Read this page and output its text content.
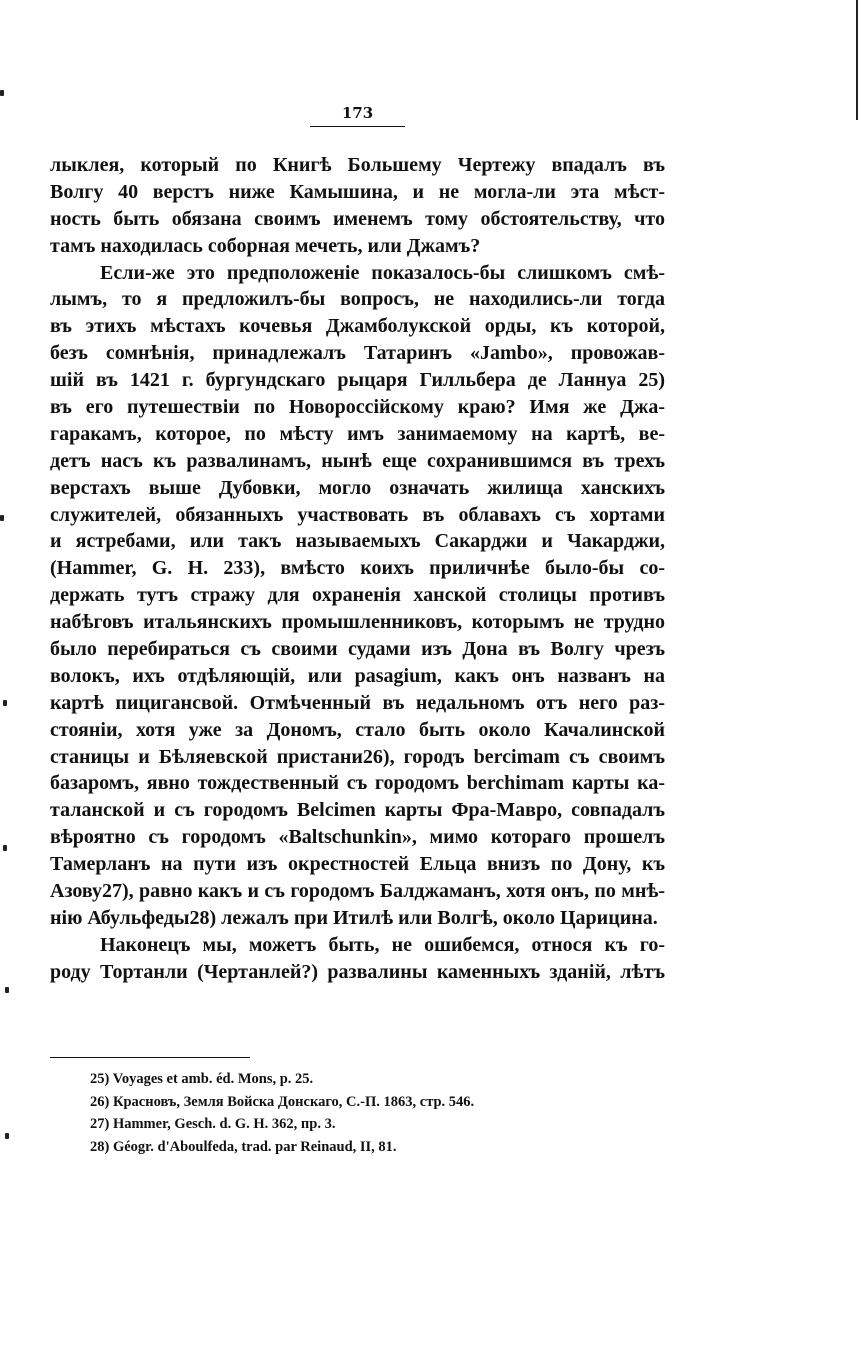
173
лыклея, который по Книгѣ Большему Чертежу впадалъ въ
Волгу 40 верстъ ниже Камышина, и не могла-ли эта мѣст-
ность быть обязана своимъ именемъ тому обстоятельству, что
тамъ находилась соборная мечеть, или Джамъ?
Если-же это предположеніе показалось-бы слишкомъ смѣ-
лымъ, то я предложилъ-бы вопросъ, не находились-ли тогда
въ этихъ мѣстахъ кочевья Джамболукской орды, къ которой,
безъ сомнѣнія, принадлежалъ Татаринъ «Jambo», провожав-
шій въ 1421 г. бургундскаго рыцаря Гилльбера де Ланнуа 25)
въ его путешествіи по Новороссійскому краю? Имя же Джа-
гаракамъ, которое, по мѣсту имъ занимаемому на картѣ, ве-
детъ насъ къ развалинамъ, нынѣ еще сохранившимся въ трехъ
верстахъ выше Дубовки, могло означать жилища ханскихъ
служителей, обязанныхъ участвовать въ облавахъ съ хортами
и ястребами, или такъ называемыхъ Сакарджи и Чакарджи,
(Hammer, G. H. 233), вмѣсто коихъ приличнѣе было-бы со-
держать тутъ стражу для охраненія ханской столицы противъ
набѣговъ итальянскихъ промышленниковъ, которымъ не трудно
было перебираться съ своими судами изъ Дона въ Волгу чрезъ
волокъ, ихъ отдѣляющій, или pasagium, какъ онъ названъ на
картѣ пицигансвой. Отмѣченный въ недальномъ отъ него раз-
стояніи, хотя уже за Дономъ, стало быть около Качалинской
станицы и Бѣляевской пристани26), городъ bercimam съ своимъ
базаромъ, явно тождественный съ городомъ berchimam карты ка-
таланской и съ городомъ Belcimen карты Фра-Мавро, совпадалъ
вѣроятно съ городомъ «Baltschunkin», мимо котораго прошелъ
Тамерланъ на пути изъ окрестностей Ельца внизъ по Дону, къ
Азову27), равно какъ и съ городомъ Балджаманъ, хотя онъ, по мнѣ-
нію Абульфеды28) лежалъ при Итилѣ или Волгѣ, около Царицина.
Наконецъ мы, можетъ быть, не ошибемся, относя къ го-
роду Тортанли (Чертанлей?) развалины каменныхъ зданій, лѣтъ
25) Voyages et amb. éd. Mons, p. 25.
26) Красновъ, Земля Войска Донскаго, С.-П. 1863, стр. 546.
27) Hammer, Gesch. d. G. H. 362, пр. 3.
28) Géogr. d'Aboulfeda, trad. par Reinaud, II, 81.
